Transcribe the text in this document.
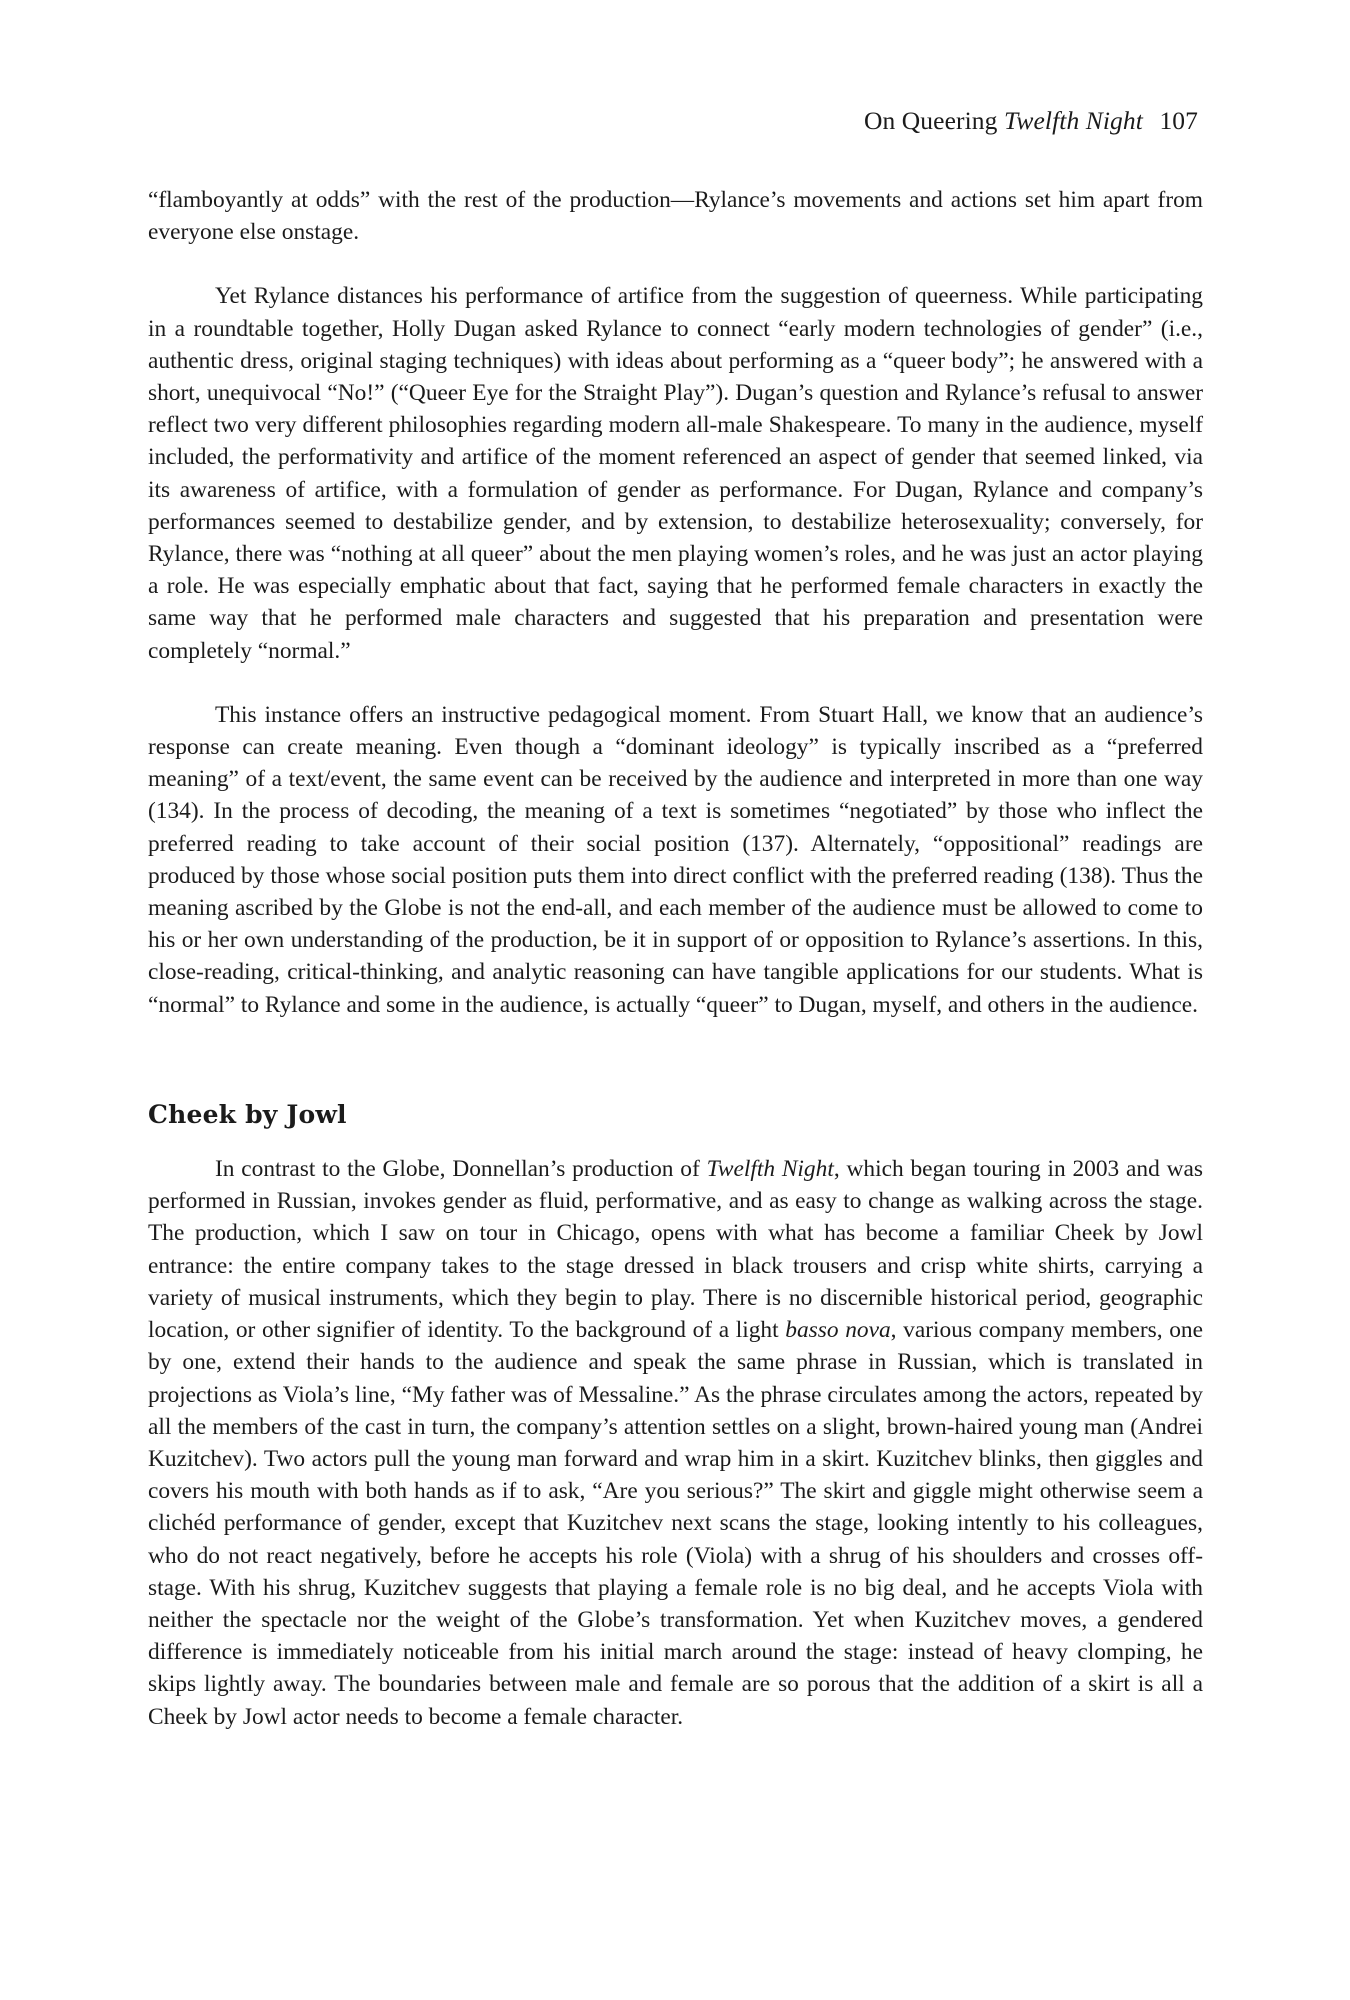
On Queering Twelfth Night 107

“flamboyantly at odds” with the rest of the production—Rylance’s movements and actions set him apart from everyone else onstage.

Yet Rylance distances his performance of artifice from the suggestion of queerness. While participating in a roundtable together, Holly Dugan asked Rylance to connect “early modern technologies of gender” (i.e., authentic dress, original staging techniques) with ideas about performing as a “queer body”; he answered with a short, unequivocal “No!” (“Queer Eye for the Straight Play”). Dugan’s question and Rylance’s refusal to answer reflect two very different philosophies regarding modern all-male Shakespeare. To many in the audience, myself included, the performativity and artifice of the moment referenced an aspect of gender that seemed linked, via its awareness of artifice, with a formulation of gender as performance. For Dugan, Rylance and company’s performances seemed to destabilize gender, and by extension, to destabilize heterosexuality; conversely, for Rylance, there was “nothing at all queer” about the men playing women’s roles, and he was just an actor playing a role. He was especially emphatic about that fact, saying that he performed female characters in exactly the same way that he performed male characters and suggested that his preparation and presentation were completely “normal.”

This instance offers an instructive pedagogical moment. From Stuart Hall, we know that an audience’s response can create meaning. Even though a “dominant ideology” is typically inscribed as a “preferred meaning” of a text/event, the same event can be received by the audience and interpreted in more than one way (134). In the process of decoding, the meaning of a text is sometimes “negotiated” by those who inflect the preferred reading to take account of their social position (137). Alternately, “oppositional” readings are produced by those whose social position puts them into direct conflict with the preferred reading (138). Thus the meaning ascribed by the Globe is not the end-all, and each member of the audience must be allowed to come to his or her own understanding of the production, be it in support of or opposition to Rylance’s assertions. In this, close-reading, critical-thinking, and analytic reasoning can have tangible applications for our students. What is “normal” to Rylance and some in the audience, is actually “queer” to Dugan, myself, and others in the audience.

Cheek by Jowl

In contrast to the Globe, Donnellan’s production of Twelfth Night, which began touring in 2003 and was performed in Russian, invokes gender as fluid, performative, and as easy to change as walking across the stage. The production, which I saw on tour in Chicago, opens with what has become a familiar Cheek by Jowl entrance: the entire company takes to the stage dressed in black trousers and crisp white shirts, carrying a variety of musical instruments, which they begin to play. There is no discernible historical period, geographic location, or other signifier of identity. To the background of a light basso nova, various company members, one by one, extend their hands to the audience and speak the same phrase in Russian, which is translated in projections as Viola’s line, “My father was of Messaline.” As the phrase circulates among the actors, repeated by all the members of the cast in turn, the company’s attention settles on a slight, brown-haired young man (Andrei Kuzitchev). Two actors pull the young man forward and wrap him in a skirt. Kuzitchev blinks, then giggles and covers his mouth with both hands as if to ask, “Are you serious?” The skirt and giggle might otherwise seem a clichéd performance of gender, except that Kuzitchev next scans the stage, looking intently to his colleagues, who do not react negatively, before he accepts his role (Viola) with a shrug of his shoulders and crosses off-stage. With his shrug, Kuzitchev suggests that playing a female role is no big deal, and he accepts Viola with neither the spectacle nor the weight of the Globe’s transformation. Yet when Kuzitchev moves, a gendered difference is immediately noticeable from his initial march around the stage: instead of heavy clomping, he skips lightly away. The boundaries between male and female are so porous that the addition of a skirt is all a Cheek by Jowl actor needs to become a female character.
